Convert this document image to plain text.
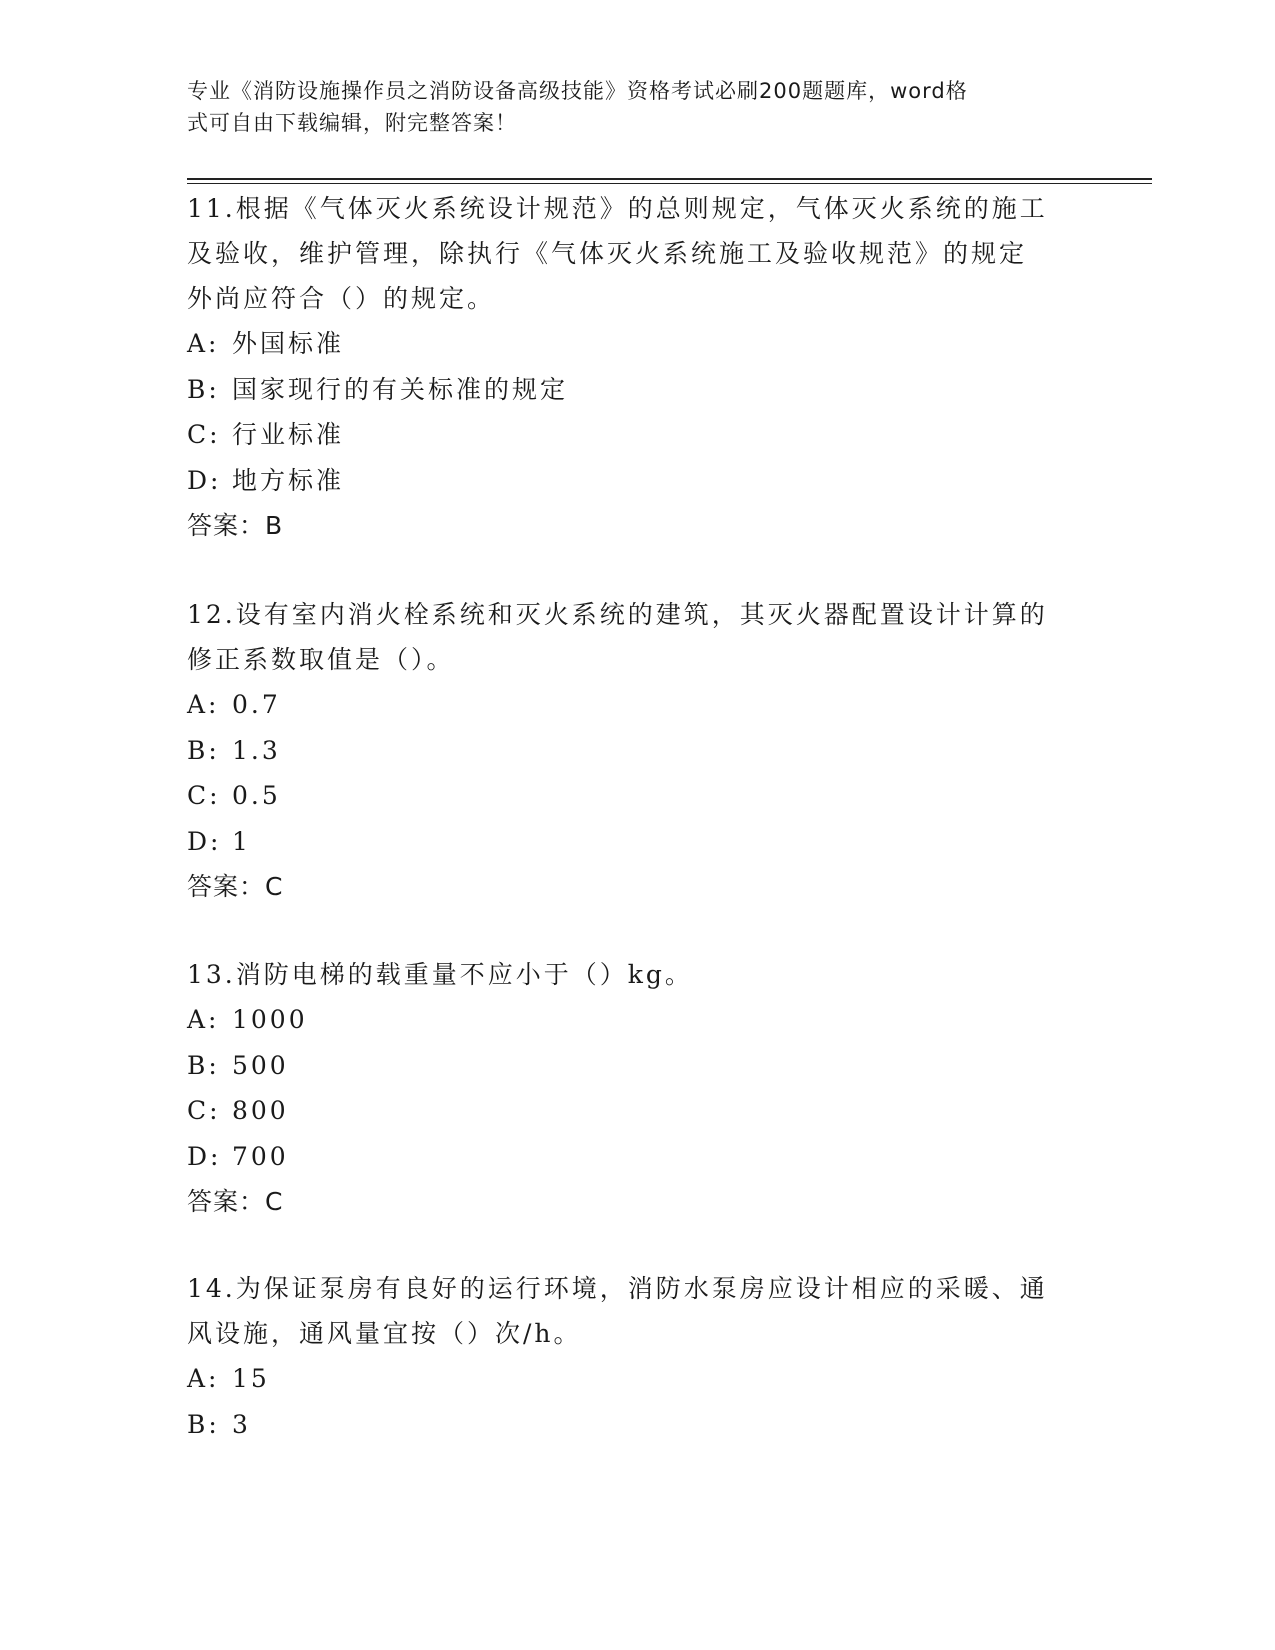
专业《消防设施操作员之消防设备高级技能》资格考试必刷200题题库，word格
式可自由下载编辑，附完整答案！

11.根据《气体灭火系统设计规范》的总则规定，气体灭火系统的施工

及验收，维护管理，除执行《气体灭火系统施工及验收规范》的规定

外尚应符合（）的规定。

A: 外国标准

B: 国家现行的有关标准的规定

C: 行业标准

D: 地方标准

答案：B

12.设有室内消火栓系统和灭火系统的建筑，其灭火器配置设计计算的

修正系数取值是（）。

A: 0.7

B: 1.3

C: 0.5

D: 1

答案：C

13.消防电梯的载重量不应小于（）kg。

A: 1000

B: 500

C: 800

D: 700

答案：C

14.为保证泵房有良好的运行环境，消防水泵房应设计相应的采暖、通

风设施，通风量宜按（）次/h。

A: 15

B: 3
